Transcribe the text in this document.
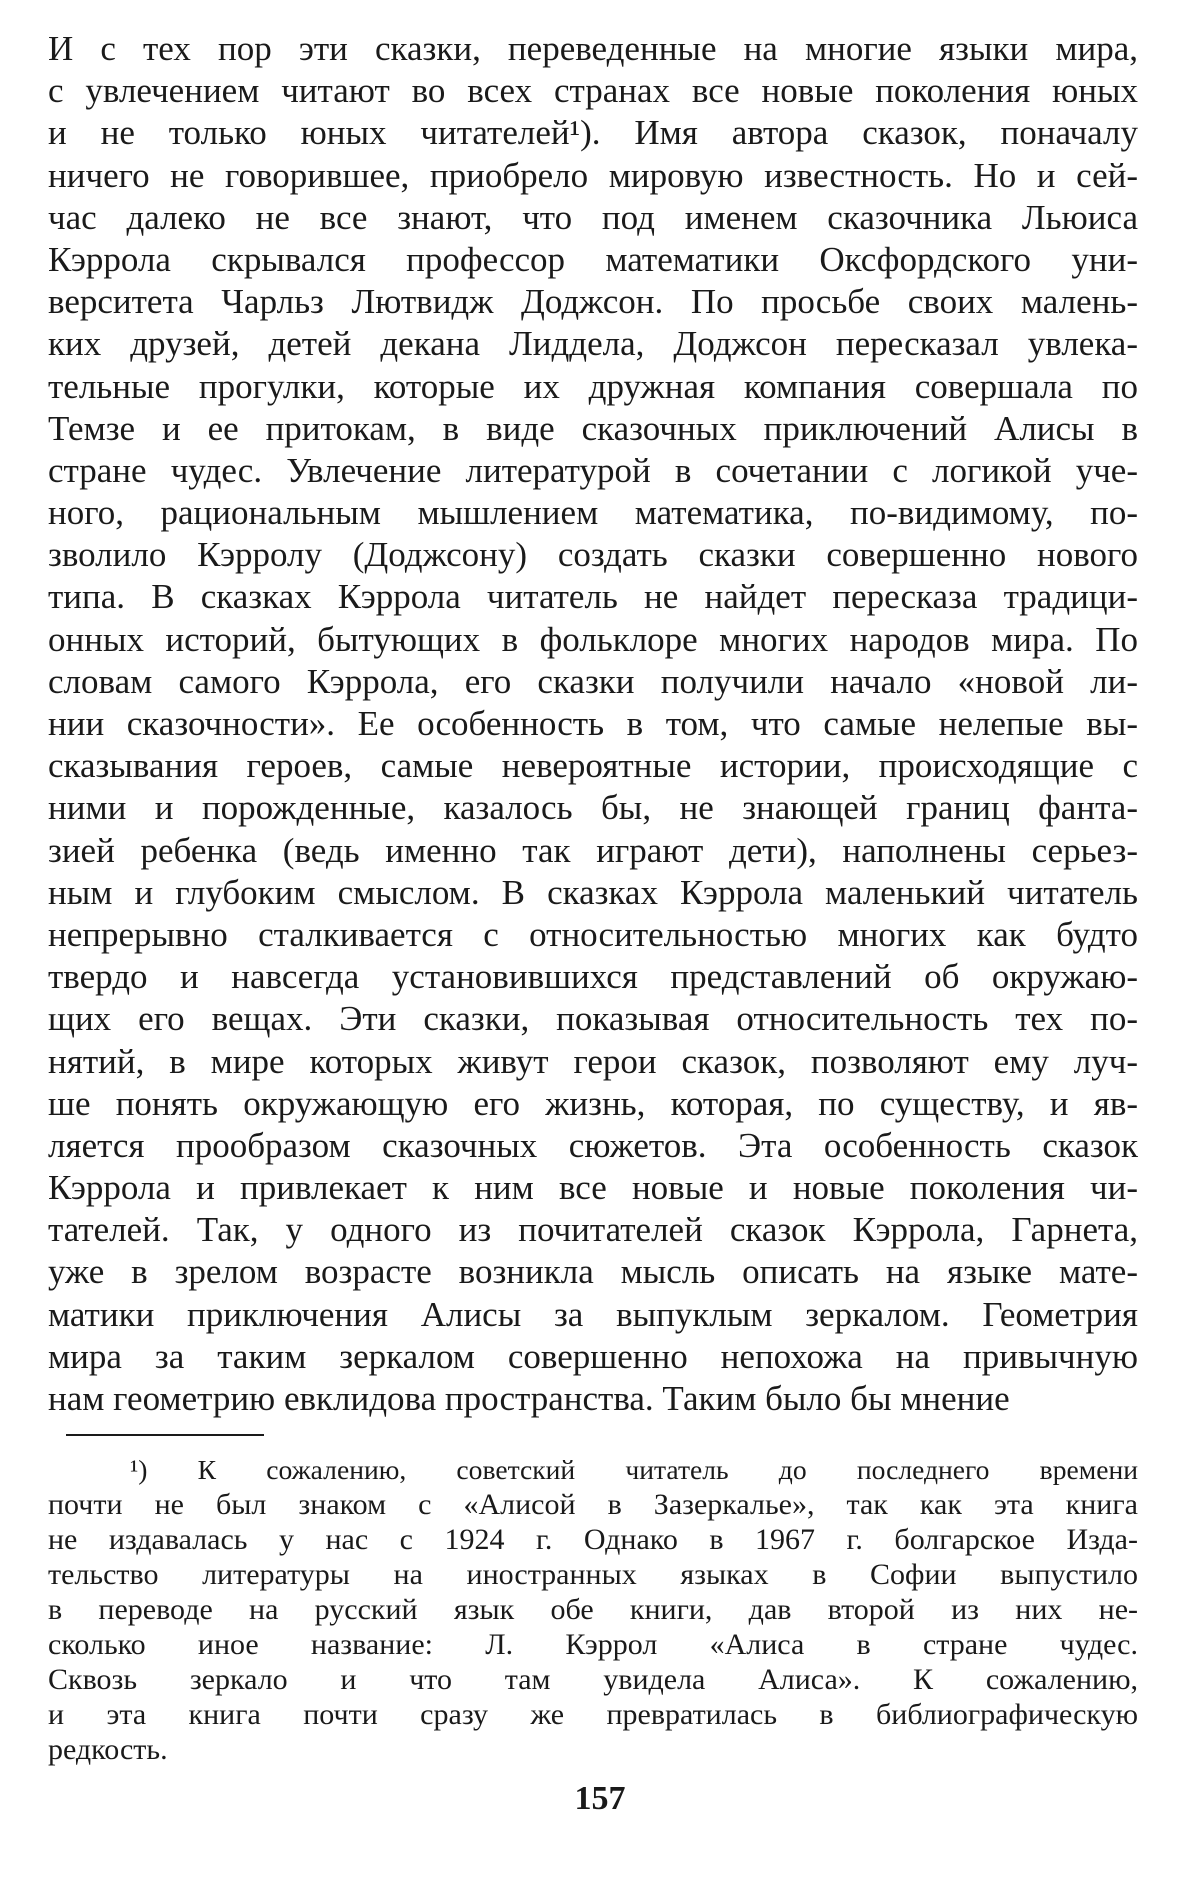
И с тех пор эти сказки, переведенные на многие языки мира,
с увлечением читают во всех странах все новые поколения юных
и не только юных читателей¹). Имя автора сказок, поначалу
ничего не говорившее, приобрело мировую известность. Но и сей-
час далеко не все знают, что под именем сказочника Льюиса
Кэррола скрывался профессор математики Оксфордского уни-
верситета Чарльз Лютвидж Доджсон. По просьбе своих малень-
ких друзей, детей декана Лиддела, Доджсон пересказал увлека-
тельные прогулки, которые их дружная компания совершала по
Темзе и ее притокам, в виде сказочных приключений Алисы в
стране чудес. Увлечение литературой в сочетании с логикой уче-
ного, рациональным мышлением математика, по-видимому, по-
зволило Кэрролу (Доджсону) создать сказки совершенно нового
типа. В сказках Кэррола читатель не найдет пересказа традици-
онных историй, бытующих в фольклоре многих народов мира. По
словам самого Кэррола, его сказки получили начало «новой ли-
нии сказочности». Ее особенность в том, что самые нелепые вы-
сказывания героев, самые невероятные истории, происходящие с
ними и порожденные, казалось бы, не знающей границ фанта-
зией ребенка (ведь именно так играют дети), наполнены серьез-
ным и глубоким смыслом. В сказках Кэррола маленький читатель
непрерывно сталкивается с относительностью многих как будто
твердо и навсегда установившихся представлений об окружаю-
щих его вещах. Эти сказки, показывая относительность тех по-
нятий, в мире которых живут герои сказок, позволяют ему луч-
ше понять окружающую его жизнь, которая, по существу, и яв-
ляется прообразом сказочных сюжетов. Эта особенность сказок
Кэррола и привлекает к ним все новые и новые поколения чи-
тателей. Так, у одного из почитателей сказок Кэррола, Гарнета,
уже в зрелом возрасте возникла мысль описать на языке мате-
матики приключения Алисы за выпуклым зеркалом. Геометрия
мира за таким зеркалом совершенно непохожа на привычную
нам геометрию евклидова пространства. Таким было бы мнение
¹) К сожалению, советский читатель до последнего времени
почти не был знаком с «Алисой в Зазеркалье», так как эта книга
не издавалась у нас с 1924 г. Однако в 1967 г. болгарское Изда-
тельство литературы на иностранных языках в Софии выпустило
в переводе на русский язык обе книги, дав второй из них не-
сколько иное название: Л. Кэррол «Алиса в стране чудес.
Сквозь зеркало и что там увидела Алиса». К сожалению,
и эта книга почти сразу же превратилась в библиографическую
редкость.
157
